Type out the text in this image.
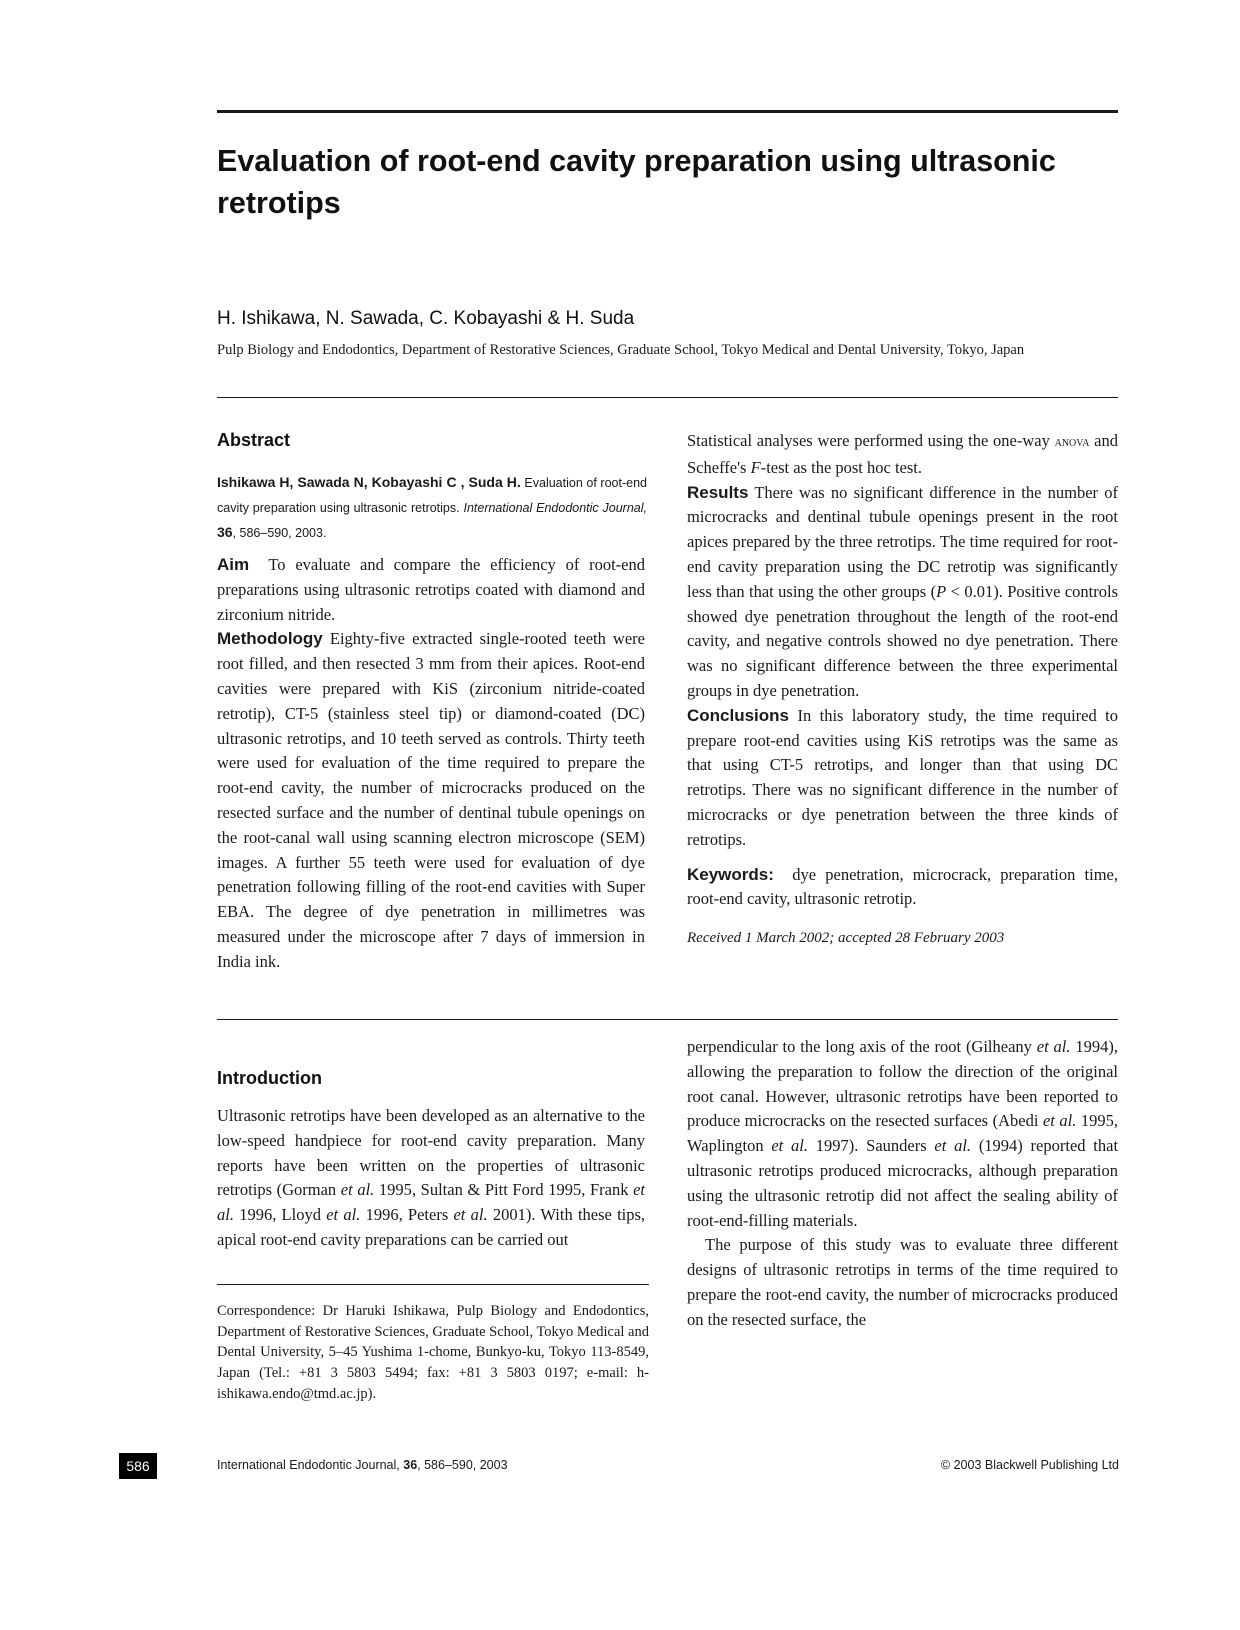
Evaluation of root-end cavity preparation using ultrasonic retrotips

H. Ishikawa, N. Sawada, C. Kobayashi & H. Suda

Pulp Biology and Endodontics, Department of Restorative Sciences, Graduate School, Tokyo Medical and Dental University, Tokyo, Japan

Abstract

Ishikawa H, Sawada N, Kobayashi C , Suda H. Evaluation of root-end cavity preparation using ultrasonic retrotips. International Endodontic Journal, 36, 586–590, 2003.

Aim To evaluate and compare the efficiency of root-end preparations using ultrasonic retrotips coated with diamond and zirconium nitride.

Methodology Eighty-five extracted single-rooted teeth were root filled, and then resected 3 mm from their apices. Root-end cavities were prepared with KiS (zirconium nitride-coated retrotip), CT-5 (stainless steel tip) or diamond-coated (DC) ultrasonic retrotips, and 10 teeth served as controls. Thirty teeth were used for evaluation of the time required to prepare the root-end cavity, the number of microcracks produced on the resected surface and the number of dentinal tubule openings on the root-canal wall using scanning electron microscope (SEM) images. A further 55 teeth were used for evaluation of dye penetration following filling of the root-end cavities with Super EBA. The degree of dye penetration in millimetres was measured under the microscope after 7 days of immersion in India ink.

Statistical analyses were performed using the one-way anova and Scheffe's F-test as the post hoc test.

Results There was no significant difference in the number of microcracks and dentinal tubule openings present in the root apices prepared by the three retrotips. The time required for root-end cavity preparation using the DC retrotip was significantly less than that using the other groups (P < 0.01). Positive controls showed dye penetration throughout the length of the root-end cavity, and negative controls showed no dye penetration. There was no significant difference between the three experimental groups in dye penetration.

Conclusions In this laboratory study, the time required to prepare root-end cavities using KiS retrotips was the same as that using CT-5 retrotips, and longer than that using DC retrotips. There was no significant difference in the number of microcracks or dye penetration between the three kinds of retrotips.

Keywords: dye penetration, microcrack, preparation time, root-end cavity, ultrasonic retrotip.

Received 1 March 2002; accepted 28 February 2003

Introduction

Ultrasonic retrotips have been developed as an alternative to the low-speed handpiece for root-end cavity preparation. Many reports have been written on the properties of ultrasonic retrotips (Gorman et al. 1995, Sultan & Pitt Ford 1995, Frank et al. 1996, Lloyd et al. 1996, Peters et al. 2001). With these tips, apical root-end cavity preparations can be carried out

Correspondence: Dr Haruki Ishikawa, Pulp Biology and Endodontics, Department of Restorative Sciences, Graduate School, Tokyo Medical and Dental University, 5–45 Yushima 1-chome, Bunkyo-ku, Tokyo 113-8549, Japan (Tel.: +81 3 5803 5494; fax: +81 3 5803 0197; e-mail: h-ishikawa.endo@tmd.ac.jp).

586	International Endodontic Journal, 36, 586–590, 2003	© 2003 Blackwell Publishing Ltd

perpendicular to the long axis of the root (Gilheany et al. 1994), allowing the preparation to follow the direction of the original root canal. However, ultrasonic retrotips have been reported to produce microcracks on the resected surfaces (Abedi et al. 1995, Waplington et al. 1997). Saunders et al. (1994) reported that ultrasonic retrotips produced microcracks, although preparation using the ultrasonic retrotip did not affect the sealing ability of root-end-filling materials.

The purpose of this study was to evaluate three different designs of ultrasonic retrotips in terms of the time required to prepare the root-end cavity, the number of microcracks produced on the resected surface, the
